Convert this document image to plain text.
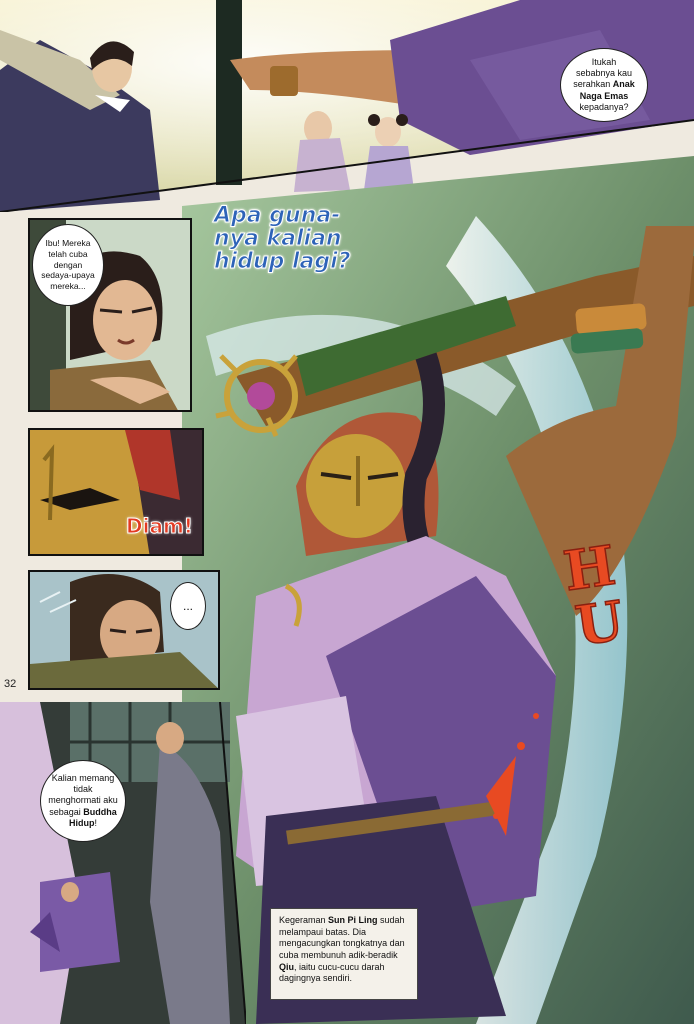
Itukah
sebabnya kau
serahkan Anak
Naga Emas kepadanya?
Apa guna-
nya kalian
hidup lagi?
H
U
Ibu! Mereka telah cuba dengan sedaya-upaya mereka...
Diam!
...
32
Kalian memang tidak menghormati aku sebagai Buddha Hidup!
Kegeraman Sun Pi Ling sudah melampaui batas. Dia mengacungkan tongkatnya dan cuba membunuh adik-beradik Qiu, iaitu cucu-cucu darah dagingnya sendiri.
